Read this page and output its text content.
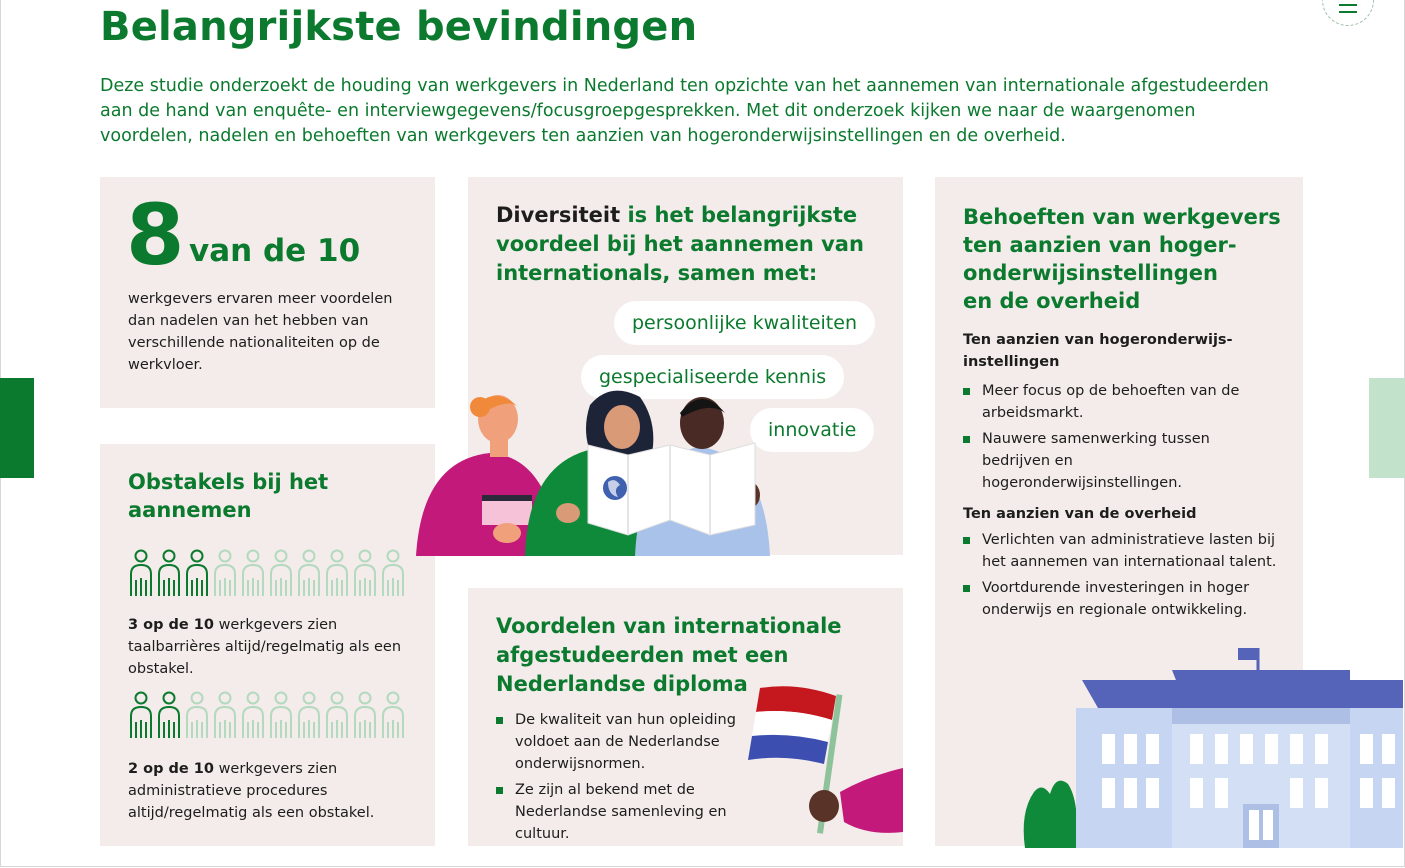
Belangrijkste bevindingen

Deze studie onderzoekt de houding van werkgevers in Nederland ten opzichte van het aannemen van internationale afgestudeerden aan de hand van enquête- en interviewgegevens/focusgroepgesprekken. Met dit onderzoek kijken we naar de waargenomen voordelen, nadelen en behoeften van werkgevers ten aanzien van hogeronderwijsinstellingen en de overheid.

8 van de 10

werkgevers ervaren meer voordelen dan nadelen van het hebben van verschillende nationaliteiten op de werkvloer.

Obstakels bij het aannemen

3 op de 10 werkgevers zien taalbarrières altijd/regelmatig als een obstakel.

2 op de 10 werkgevers zien administratieve procedures altijd/regelmatig als een obstakel.

Diversiteit is het belangrijkste voordeel bij het aannemen van internationals, samen met:
persoonlijke kwaliteiten
gespecialiseerde kennis
innovatie
Voordelen van internationale afgestudeerden met een Nederlandse diploma
De kwaliteit van hun opleiding voldoet aan de Nederlandse onderwijsnormen.
Ze zijn al bekend met de Nederlandse samenleving en cultuur.
Behoeften van werkgevers
ten aanzien van hoger-
onderwijsinstellingen
en de overheid
Ten aanzien van hogeronderwijs-
instellingen
Meer focus op de behoeften van de arbeidsmarkt.
Nauwere samenwerking tussen bedrijven en hogeronderwijsinstellingen.
Ten aanzien van de overheid
Verlichten van administratieve lasten bij het aannemen van internationaal talent.
Voortdurende investeringen in hoger onderwijs en regionale ontwikkeling.
